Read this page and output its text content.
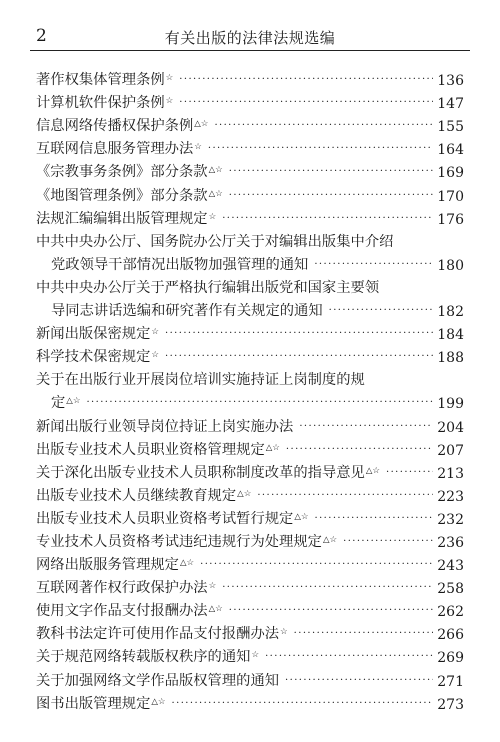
2	有关出版的法律法规选编
著作权集体管理条例 ☆ ·····	136
计算机软件保护条例 ☆ ·····	147
信息网络传播权保护条例 △☆ ·····	155
互联网信息服务管理办法 ☆ ·····	164
《宗教事务条例》部分条款 △☆ ·····	169
《地图管理条例》部分条款 △☆ ·····	170
法规汇编编辑出版管理规定 ☆ ·····	176
中共中央办公厅、国务院办公厅关于对编辑出版集中介绍
党政领导干部情况出版物加强管理的通知 ·····	180
中共中央办公厅关于严格执行编辑出版党和国家主要领
导同志讲话选编和研究著作有关规定的通知 ·····	182
新闻出版保密规定 ☆ ·····	184
科学技术保密规定 ☆ ·····	188
关于在出版行业开展岗位培训实施持证上岗制度的规
定 △☆ ·····	199
新闻出版行业领导岗位持证上岗实施办法 ·····	204
出版专业技术人员职业资格管理规定 △☆ ·····	207
关于深化出版专业技术人员职称制度改革的指导意见 △☆ ·····	213
出版专业技术人员继续教育规定 △☆ ·····	223
出版专业技术人员职业资格考试暂行规定 △☆ ·····	232
专业技术人员资格考试违纪违规行为处理规定 △☆ ·····	236
网络出版服务管理规定 △☆ ·····	243
互联网著作权行政保护办法 ☆ ·····	258
使用文字作品支付报酬办法 △☆ ·····	262
教科书法定许可使用作品支付报酬办法 ☆ ·····	266
关于规范网络转载版权秩序的通知 ☆ ·····	269
关于加强网络文学作品版权管理的通知 ·····	271
图书出版管理规定 △☆ ·····	273
